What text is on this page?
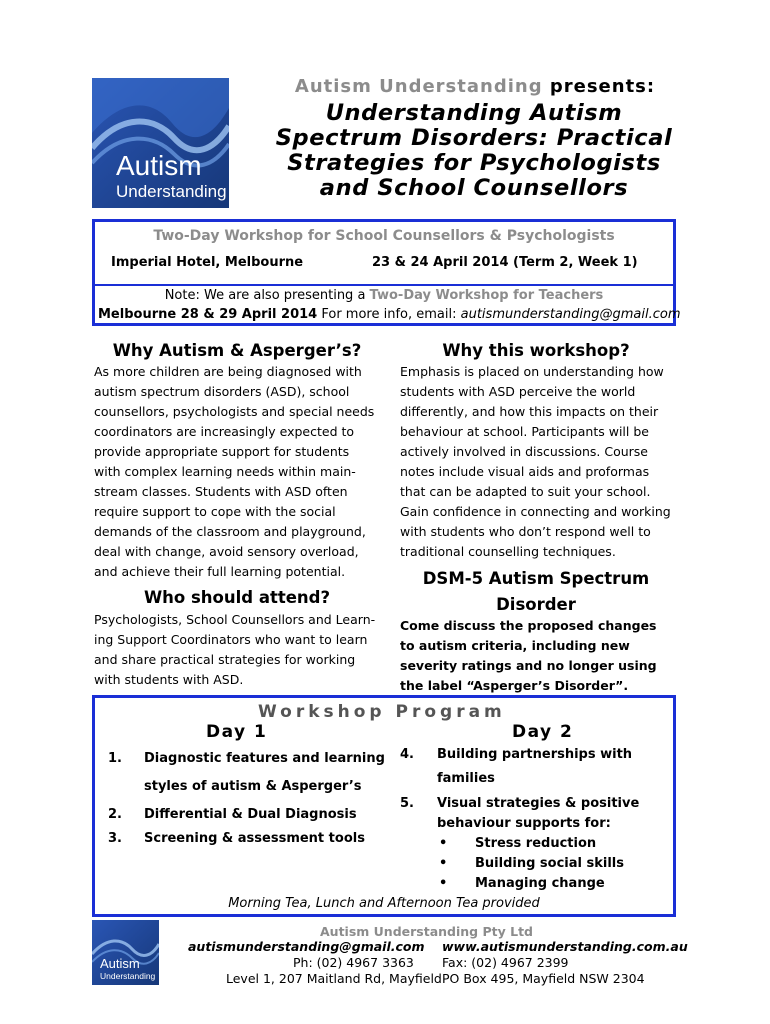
Autism
Understanding
Autism Understanding presents:
Understanding Autism
Spectrum Disorders: Practical
Strategies for Psychologists
and School Counsellors
Two-Day Workshop for School Counsellors & Psychologists
Imperial Hotel, Melbourne	23 & 24 April 2014 (Term 2, Week 1)
Note: We are also presenting a Two-Day Workshop for Teachers
Melbourne 28 & 29 April 2014 For more info, email: autismunderstanding@gmail.com
Why Autism & Asperger’s?
As more children are being diagnosed with
autism spectrum disorders (ASD), school
counsellors, psychologists and special needs
coordinators are increasingly expected to
provide appropriate support for students
with complex learning needs within main-
stream classes. Students with ASD often
require support to cope with the social
demands of the classroom and playground,
deal with change, avoid sensory overload,
and achieve their full learning potential.
Who should attend?
Psychologists, School Counsellors and Learn-
ing Support Coordinators who want to learn
and share practical strategies for working
with students with ASD.
Why this workshop?
Emphasis is placed on understanding how
students with ASD perceive the world
differently, and how this impacts on their
behaviour at school. Participants will be
actively involved in discussions. Course
notes include visual aids and proformas
that can be adapted to suit your school.
Gain confidence in connecting and working
with students who don’t respond well to
traditional counselling techniques.
DSM-5 Autism Spectrum
Disorder
Come discuss the proposed changes
to autism criteria, including new
severity ratings and no longer using
the label “Asperger’s Disorder”.
Workshop Program
Day 1	Day 2
1. Diagnostic features and learning
styles of autism & Asperger’s
2. Differential & Dual Diagnosis
3. Screening & assessment tools
4. Building partnerships with
families
5. Visual strategies & positive
behaviour supports for:
• Stress reduction
• Building social skills
• Managing change
Morning Tea, Lunch and Afternoon Tea provided
Autism
Understanding
Autism Understanding Pty Ltd
autismunderstanding@gmail.com www.autismunderstanding.com.au
Ph: (02) 4967 3363 Fax: (02) 4967 2399
Level 1, 207 Maitland Rd, Mayfield PO Box 495, Mayfield NSW 2304
